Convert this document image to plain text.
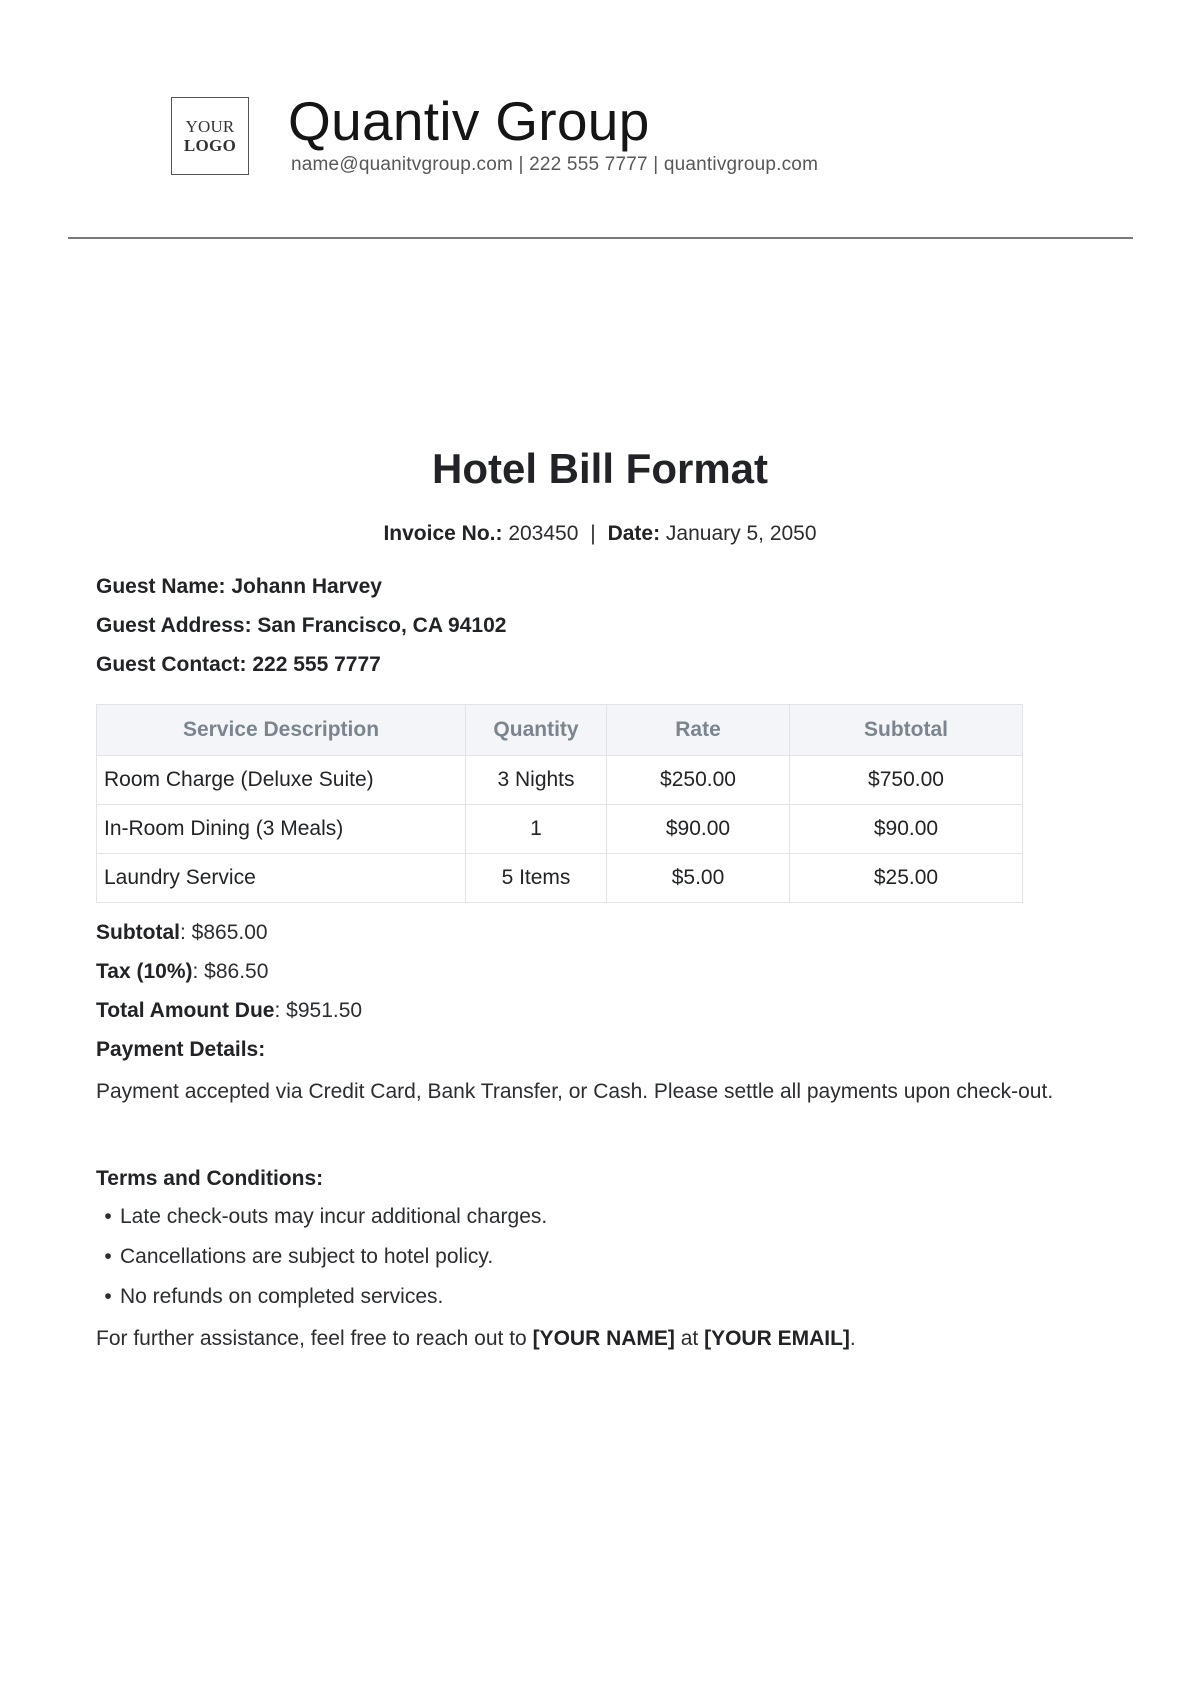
YOUR
LOGO Quantiv Group
name@quanitvgroup.com | 222 555 7777 | quantivgroup.com
Hotel Bill Format
Invoice No.: 203450 | Date: January 5, 2050
Guest Name: Johann Harvey
Guest Address: San Francisco, CA 94102
Guest Contact: 222 555 7777
Service Description	Quantity	Rate	Subtotal
Room Charge (Deluxe Suite)	3 Nights	$250.00	$750.00
In-Room Dining (3 Meals)	1	$90.00	$90.00
Laundry Service	5 Items	$5.00	$25.00
Subtotal: $865.00
Tax (10%): $86.50
Total Amount Due: $951.50
Payment Details:
Payment accepted via Credit Card, Bank Transfer, or Cash. Please settle all payments upon check-out.
Terms and Conditions:
• Late check-outs may incur additional charges.
• Cancellations are subject to hotel policy.
• No refunds on completed services.
For further assistance, feel free to reach out to [YOUR NAME] at [YOUR EMAIL].
